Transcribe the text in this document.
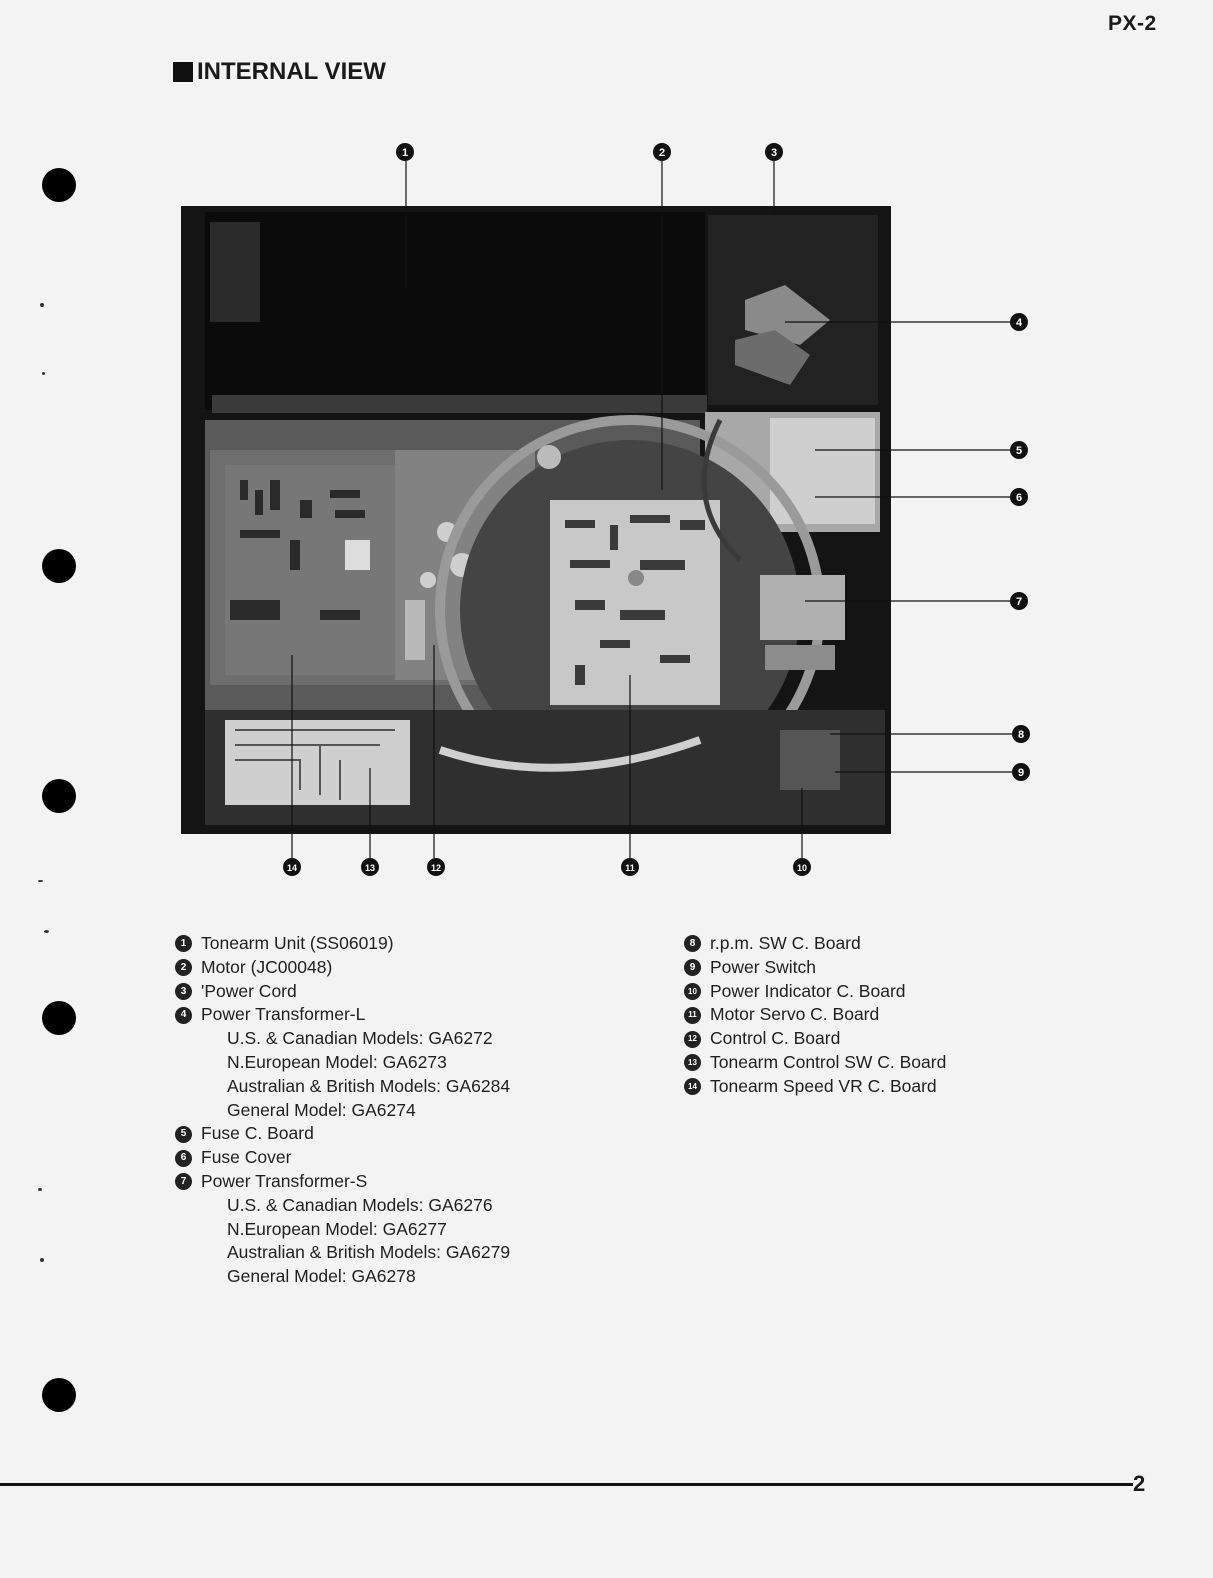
PX-2
INTERNAL VIEW
1	2	3
4
5
6
7
8
9
10
11
12
13
14
1 Tonearm Unit (SS06019)
2 Motor (JC00048)
3 'Power Cord
4 Power Transformer-L
U.S. & Canadian Models: GA6272
N.European Model: GA6273
Australian & British Models: GA6284
General Model: GA6274
5 Fuse C. Board
6 Fuse Cover
7 Power Transformer-S
U.S. & Canadian Models: GA6276
N.European Model: GA6277
Australian & British Models: GA6279
General Model: GA6278
8 r.p.m. SW C. Board
9 Power Switch
10 Power Indicator C. Board
11 Motor Servo C. Board
12 Control C. Board
13 Tonearm Control SW C. Board
14 Tonearm Speed VR C. Board
2
